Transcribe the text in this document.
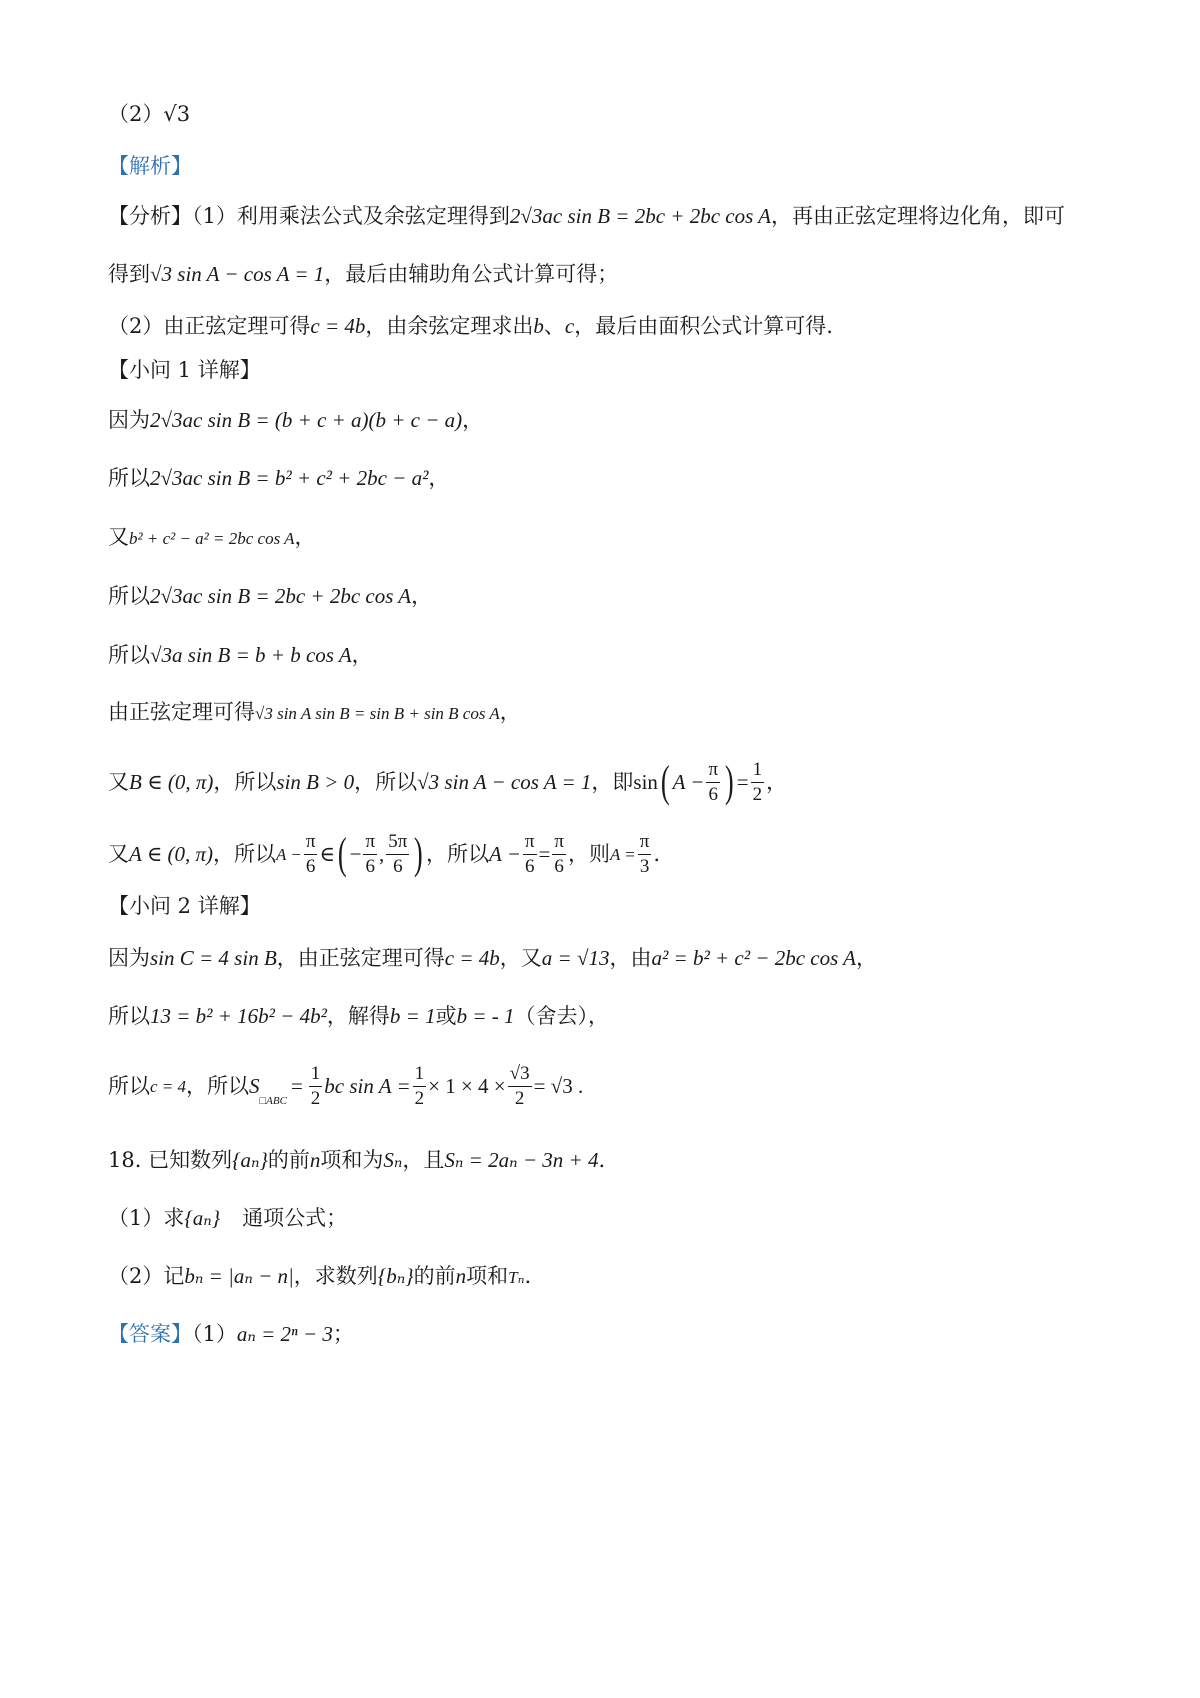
（2）√3
【解析】
【分析】（1）利用乘法公式及余弦定理得到2√3ac sin B = 2bc + 2bc cos A，再由正弦定理将边化角，即可
得到√3 sin A − cos A = 1，最后由辅助角公式计算可得；
（2）由正弦定理可得c = 4b，由余弦定理求出b、c，最后由面积公式计算可得.
【小问 1 详解】
因为2√3ac sin B = (b + c + a)(b + c − a)，
所以2√3ac sin B = b² + c² + 2bc − a²，
又b² + c² − a² = 2bc cos A，
所以2√3ac sin B = 2bc + 2bc cos A，
所以√3a sin B = b + b cos A，
由正弦定理可得√3 sin A sin B = sin B + sin B cos A，
又 B ∈ (0, π) ，所以 sin B > 0 ，所以 √3 sin A − cos A = 1 ，即 sin ( $A - \frac{\pi}{6}$ ) = $\frac{1}{2}$ ，
又 A ∈ (0, π) ，所以 $A - \frac{\pi}{6}$ ∈ ( − $\frac{\pi}{6}$ , $\frac{5\pi}{6}$ ) ，所以 $A - \frac{\pi}{6} = \frac{\pi}{6}$ ，则 $A = \frac{\pi}{3}$ .
【小问 2 详解】
因为sin C = 4 sin B，由正弦定理可得c = 4b，又a = √13，由a² = b² + c² − 2bc cos A，
所以13 = b² + 16b² − 4b²，解得b = 1或b = - 1（舍去），
所以 c = 4 ，所以 S
□ABC
= $\frac{1}{2}$ bc $\sin A = \frac{1}{2} \times 1 \times 4 \times \frac{√3}{2} = √3$ .
18. 已知数列{aₙ}的前n项和为Sₙ，且Sₙ = 2aₙ − 3n + 4.
（1）求{aₙ} 通项公式；
（2）记bₙ = |aₙ − n|，求数列{bₙ}的前n项和Tₙ.
【答案】（1）aₙ = 2ⁿ − 3；
